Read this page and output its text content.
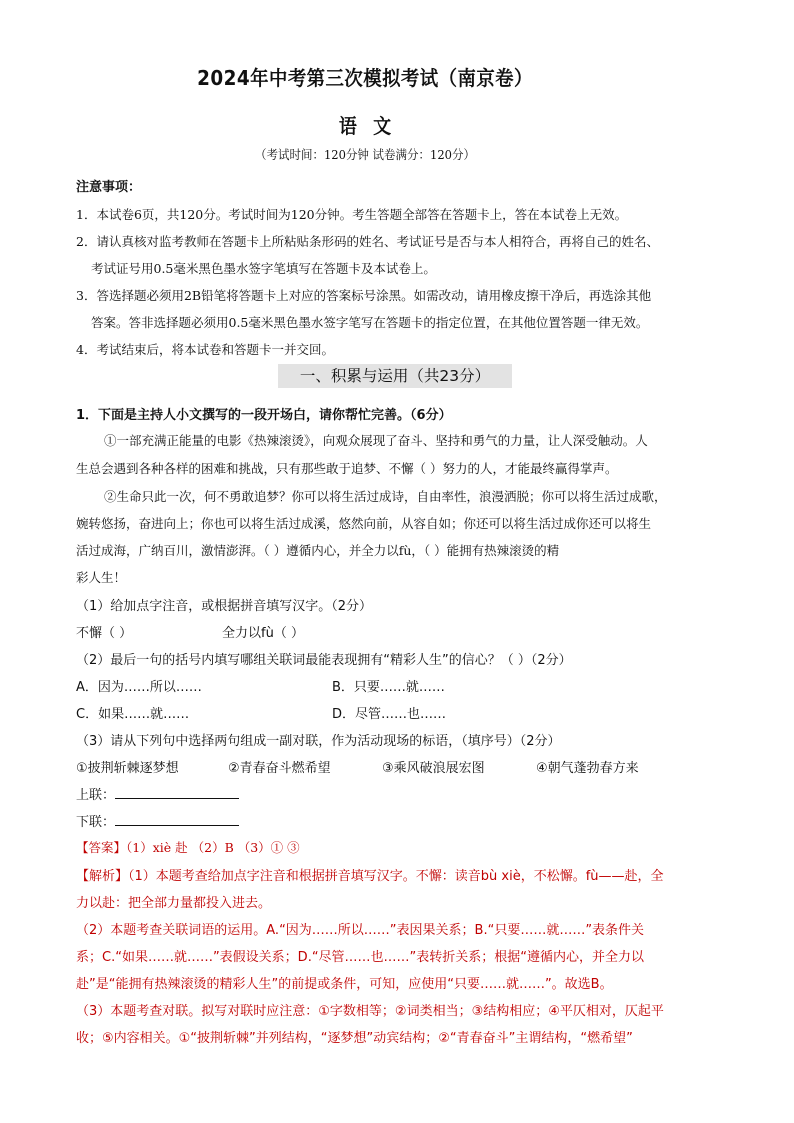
2024年中考第三次模拟考试（南京卷）
语文
（考试时间：120分钟 试卷满分：120分）
注意事项：
1．本试卷6页，共120分。考试时间为120分钟。考生答题全部答在答题卡上，答在本试卷上无效。
2．请认真核对监考教师在答题卡上所粘贴条形码的姓名、考试证号是否与本人相符合，再将自己的姓名、
考试证号用0.5毫米黑色墨水签字笔填写在答题卡及本试卷上。
3．答选择题必须用2B铅笔将答题卡上对应的答案标号涂黑。如需改动，请用橡皮擦干净后，再选涂其他
答案。答非选择题必须用0.5毫米黑色墨水签字笔写在答题卡的指定位置，在其他位置答题一律无效。
4．考试结束后，将本试卷和答题卡一并交回。
一、积累与运用（共23分）
1．下面是主持人小文撰写的一段开场白，请你帮忙完善。（6分）
①一部充满正能量的电影《热辣滚烫》，向观众展现了奋斗、坚持和勇气的力量，让人深受触动。人
生总会遇到各种各样的困难和挑战，只有那些敢于追梦、不懈（ ）努力的人，才能最终赢得掌声。
②生命只此一次，何不勇敢追梦？你可以将生活过成诗，自由率性，浪漫洒脱；你可以将生活过成歌，
婉转悠扬，奋进向上；你也可以将生活过成溪，悠然向前，从容自如；你还可以将生活过成你还可以将生
活过成海，广纳百川，激情澎湃。（ ）遵循内心，并全力以fù，（ ）能拥有热辣滚烫的精
彩人生！
（1）给加点字注音，或根据拼音填写汉字。（2分）
不懈（ ）	全力以fù（ ）
（2）最后一句的括号内填写哪组关联词最能表现拥有“精彩人生”的信心？（ ）（2分）
A．因为……所以……	B．只要……就……
C．如果……就……	D．尽管……也……
（3）请从下列句中选择两句组成一副对联，作为活动现场的标语，（填序号）（2分）
①披荆斩棘逐梦想	②青春奋斗燃希望	③乘风破浪展宏图	④朝气蓬勃春方来
上联：
下联：
【答案】（1）xiè 赴 （2）B （3）① ③
【解析】（1）本题考查给加点字注音和根据拼音填写汉字。不懈：读音bù xiè，不松懈。fù——赴，全
力以赴：把全部力量都投入进去。
（2）本题考查关联词语的运用。A.“因为……所以……”表因果关系；B.“只要……就……”表条件关
系；C.“如果……就……”表假设关系；D.“尽管……也……”表转折关系；根据“遵循内心，并全力以
赴”是“能拥有热辣滚烫的精彩人生”的前提或条件，可知，应使用“只要……就……”。故选B。
（3）本题考查对联。拟写对联时应注意：①字数相等；②词类相当；③结构相应；④平仄相对，仄起平
收；⑤内容相关。①“披荆斩棘”并列结构，“逐梦想”动宾结构；②“青春奋斗”主谓结构，“燃希望”
